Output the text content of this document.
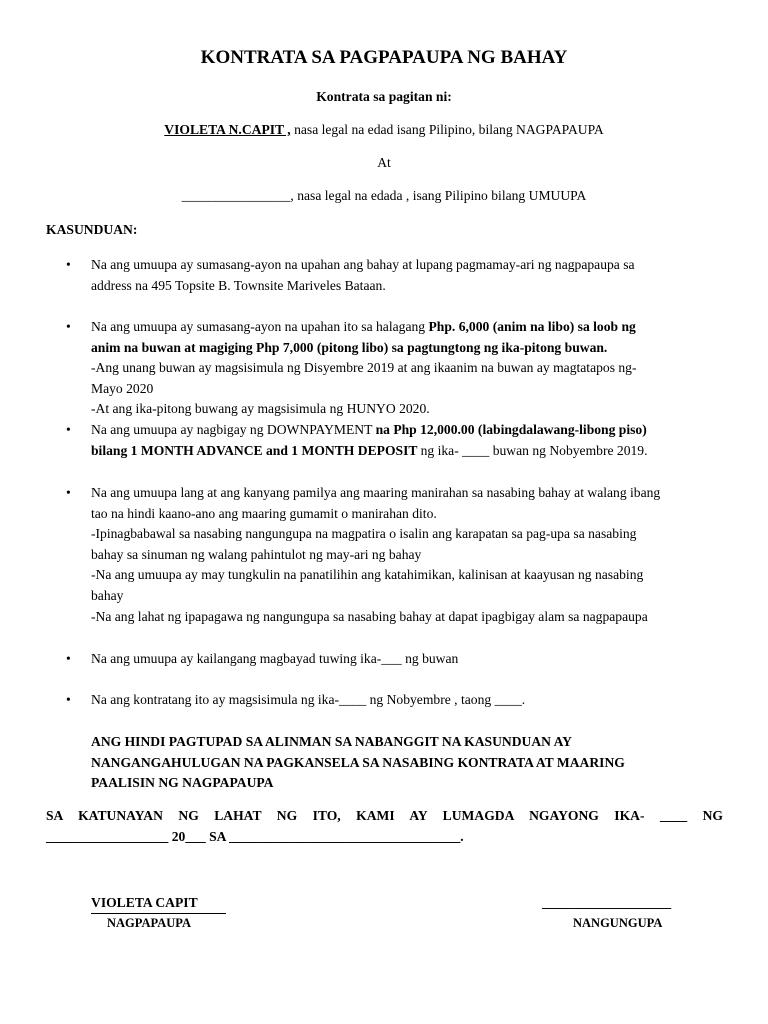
KONTRATA SA PAGPAPAUPA NG BAHAY
Kontrata sa pagitan ni:
VIOLETA N.CAPIT , nasa legal na edad isang Pilipino, bilang NAGPAPAUPA
At
________________, nasa legal na edada , isang Pilipino bilang UMUUPA
KASUNDUAN:
•	Na ang umuupa ay sumasang-ayon na upahan ang bahay at lupang pagmamay-ari ng nagpapaupa sa
address na 495 Topsite B. Townsite Mariveles Bataan.
•	Na ang umuupa ay sumasang-ayon na upahan ito sa halagang Php. 6,000 (anim na libo) sa loob ng
anim na buwan at magiging Php 7,000 (pitong libo) sa pagtungtong ng ika-pitong buwan.
-Ang unang buwan ay magsisimula ng Disyembre 2019 at ang ikaanim na buwan ay magtatapos ng-
Mayo 2020
-At ang ika-pitong buwang ay magsisimula ng HUNYO 2020.
•	Na ang umuupa ay nagbigay ng DOWNPAYMENT na Php 12,000.00 (labingdalawang-libong piso)
bilang 1 MONTH ADVANCE and 1 MONTH DEPOSIT ng ika- ____ buwan ng Nobyembre 2019.
•	Na ang umuupa lang at ang kanyang pamilya ang maaring manirahan sa nasabing bahay at walang ibang
tao na hindi kaano-ano ang maaring gumamit o manirahan dito.
-Ipinagbabawal sa nasabing nangungupa na magpatira o isalin ang karapatan sa pag-upa sa nasabing
bahay sa sinuman ng walang pahintulot ng may-ari ng bahay
-Na ang umuupa ay may tungkulin na panatilihin ang katahimikan, kalinisan at kaayusan ng nasabing
bahay
-Na ang lahat ng ipapagawa ng nangungupa sa nasabing bahay at dapat ipagbigay alam sa nagpapaupa
•	Na ang umuupa ay kailangang magbayad tuwing ika-___ ng buwan
•	Na ang kontratang ito ay magsisimula ng ika-____ ng Nobyembre , taong ____.
ANG HINDI PAGTUPAD SA ALINMAN SA NABANGGIT NA KASUNDUAN AY
NANGANGAHULUGAN NA PAGKANSELA SA NASABING KONTRATA AT MAARING
PAALISIN NG NAGPAPAUPA
SA KATUNAYAN NG LAHAT NG ITO, KAMI AY LUMAGDA NGAYONG IKA- ____ NG
__________________ 20___ SA __________________________________.
VIOLETA CAPIT
NAGPAPAUPA
___________________
NANGUNGUPA
